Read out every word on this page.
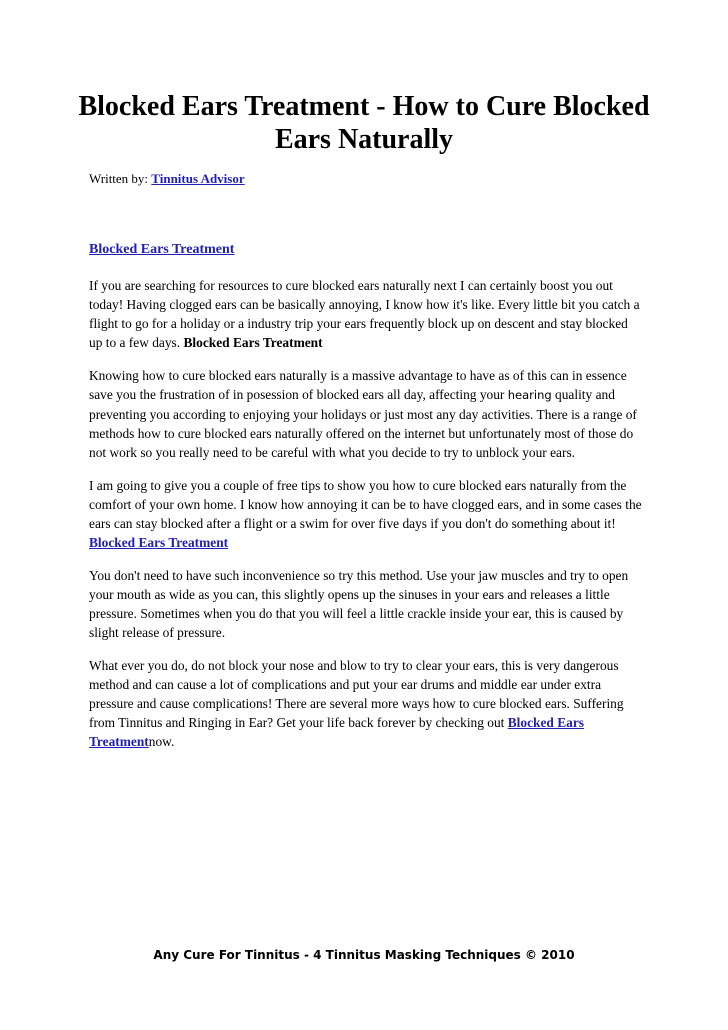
Blocked Ears Treatment - How to Cure Blocked Ears Naturally
Written by: Tinnitus Advisor
Blocked Ears Treatment

If you are searching for resources to cure blocked ears naturally next I can certainly boost you out today! Having clogged ears can be basically annoying, I know how it's like. Every little bit you catch a flight to go for a holiday or a industry trip your ears frequently block up on descent and stay blocked up to a few days. Blocked Ears Treatment

Knowing how to cure blocked ears naturally is a massive advantage to have as of this can in essence save you the frustration of in posession of blocked ears all day, affecting your hearing quality and preventing you according to enjoying your holidays or just most any day activities. There is a range of methods how to cure blocked ears naturally offered on the internet but unfortunately most of those do not work so you really need to be careful with what you decide to try to unblock your ears.

I am going to give you a couple of free tips to show you how to cure blocked ears naturally from the comfort of your own home. I know how annoying it can be to have clogged ears, and in some cases the ears can stay blocked after a flight or a swim for over five days if you don't do something about it! Blocked Ears Treatment

You don't need to have such inconvenience so try this method. Use your jaw muscles and try to open your mouth as wide as you can, this slightly opens up the sinuses in your ears and releases a little pressure. Sometimes when you do that you will feel a little crackle inside your ear, this is caused by slight release of pressure.

What ever you do, do not block your nose and blow to try to clear your ears, this is very dangerous method and can cause a lot of complications and put your ear drums and middle ear under extra pressure and cause complications! There are several more ways how to cure blocked ears. Suffering from Tinnitus and Ringing in Ear? Get your life back forever by checking out Blocked Ears Treatmentnow.

Any Cure For Tinnitus - 4 Tinnitus Masking Techniques © 2010
